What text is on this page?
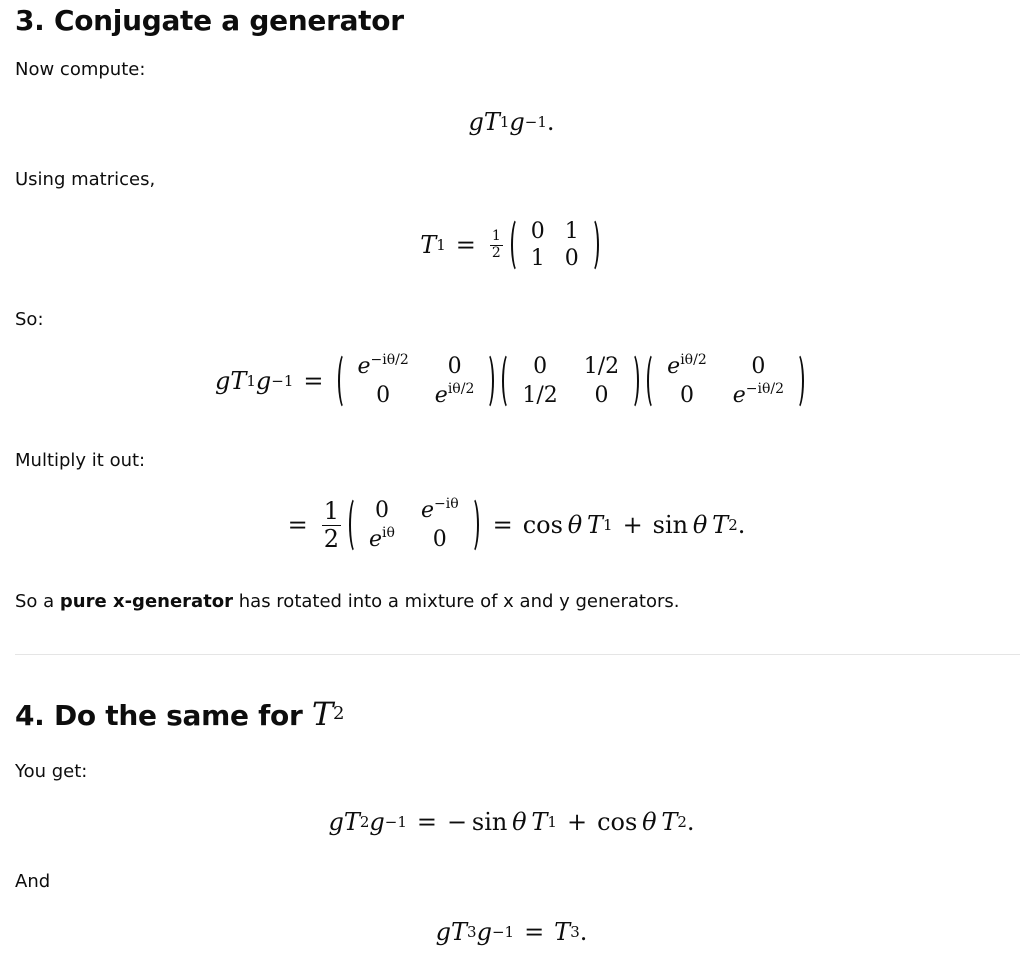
3. Conjugate a generator
Now compute:
g T 1 g −1 .
Using matrices,
T $1 = \frac{1}{2} 0$ 1
1 0
So:
g T 1 g −1 =
$e^{-i\theta/2}$ 0
0 $e^{i\theta/2}$
0 1/2
1/2 0
$e^{i\theta/2}$ 0
0 $e^{-i\theta/2}$
Multiply it out:
= $\frac{1}{2} 0$ $e^{-i\theta}$
$e^{i\theta}$ 0
= cos
  θ
  T 1 + sin
  θ
  T 2 .
So a pure x-generator has rotated into a mixture of x and y generators.
4. Do the same for T 2
You get:
g T 2 g −1 = −
  sin
  θ
  T 1 + cos
  θ
  T 2 .
And
g T 3 g −1 = T 3 .
